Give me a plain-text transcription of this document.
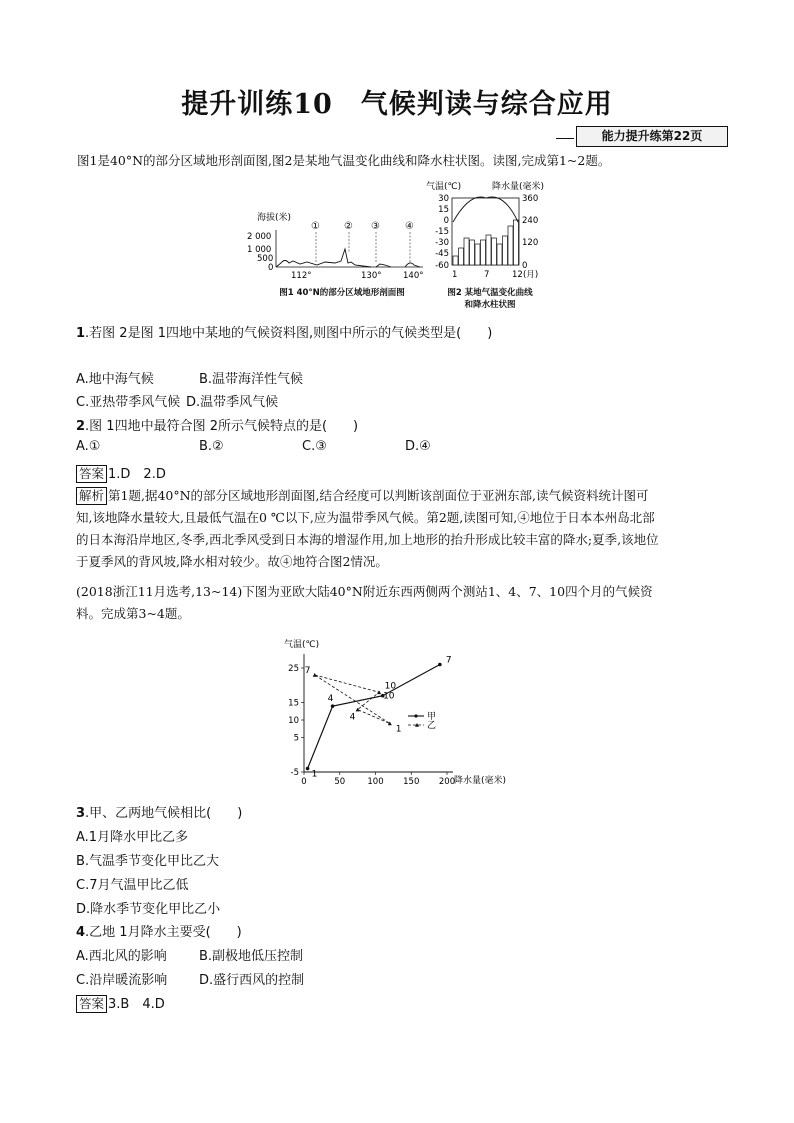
提升训练10 气候判读与综合应用
能力提升练第22页
图1是40°N的部分区域地形剖面图,图2是某地气温变化曲线和降水柱状图。读图,完成第1~2题。
海拔(米)
① ② ③	④
2 000
1 000
500
0
112°	130°	140°
图1 40°N的部分区域地形剖面图
气温(℃)	降水量(毫米)
30
15
0
-15
-30
-45
-60
360
240
120
0
1	7	12 (月)
图2 某地气温变化曲线
和降水柱状图
1.若图 2是图 1四地中某地的气候资料图,则图中所示的气候类型是(　　)
A.地中海气候	B.温带海洋性气候
C.亚热带季风气候 D.温带季风气候
2.图 1四地中最符合图 2所示气候特点的是(　　)
A.①	B.②	C.③	D.④
答案 1.D　2.D
解析 第1题,据40°N的部分区域地形剖面图,结合经度可以判断该剖面位于亚洲东部,读气候资料统计图可
知,该地降水量较大,且最低气温在0 ℃以下,应为温带季风气候。第2题,读图可知,④地位于日本本州岛北部
的日本海沿岸地区,冬季,西北季风受到日本海的增湿作用,加上地形的抬升形成比较丰富的降水;夏季,该地位
于夏季风的背风坡,降水相对较少。故④地符合图2情况。
(2018浙江11月选考,13~14)下图为亚欧大陆40°N附近东西两侧两个测站1、4、7、10四个月的气候资
料。完成第3~4题。
气温(℃)
降水量(毫米)
0	50	100 150 200
-5
5
10
15
25
1
4
10
7
7
10
4
1
甲
乙
3.甲、乙两地气候相比(　　)
A.1月降水甲比乙多
B.气温季节变化甲比乙大
C.7月气温甲比乙低
D.降水季节变化甲比乙小
4.乙地 1月降水主要受(　　)
A.西北风的影响 B.副极地低压控制
C.沿岸暖流影响 D.盛行西风的控制
答案 3.B　4.D
